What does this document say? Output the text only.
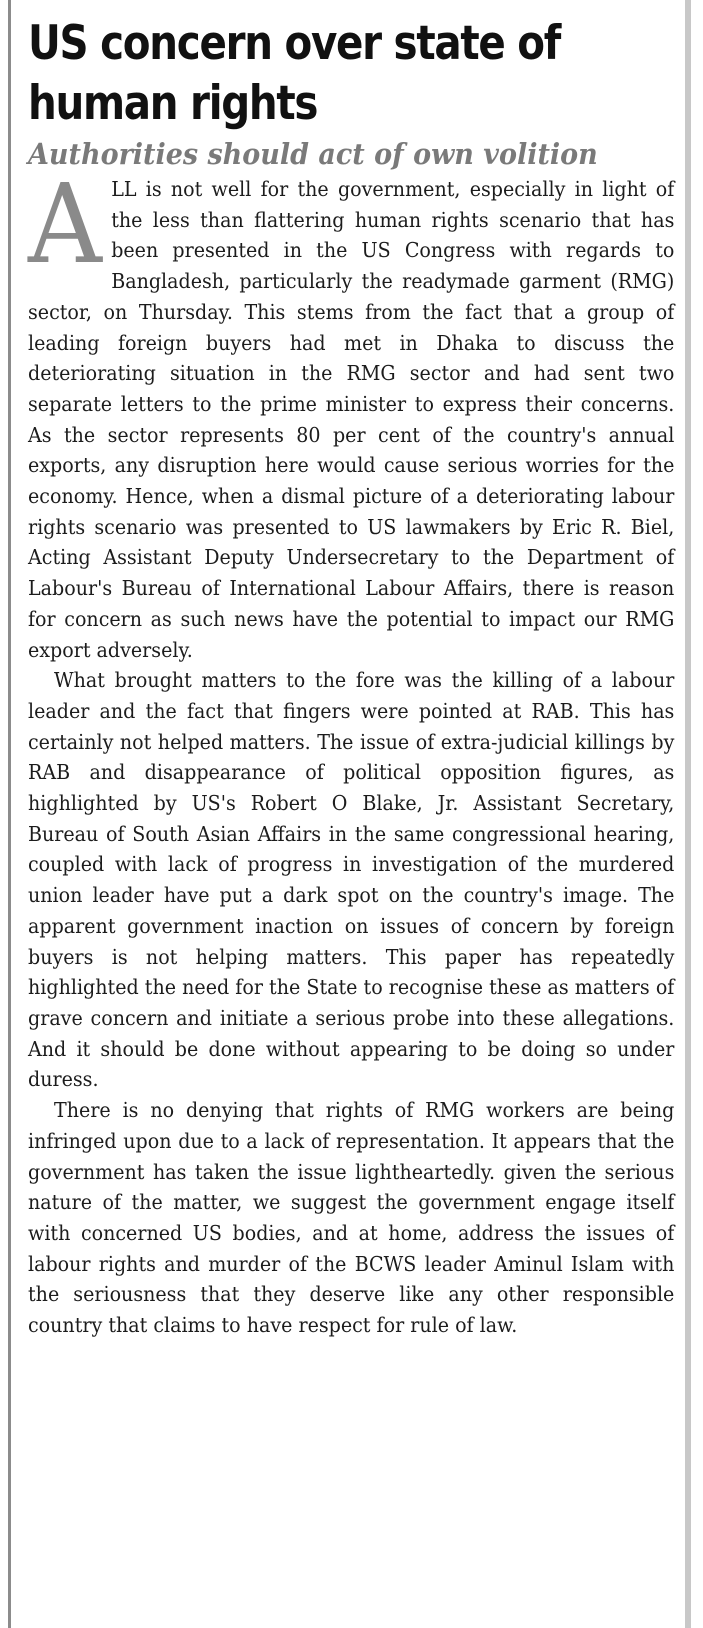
US concern over state of human rights
Authorities should act of own volition

ALL is not well for the government, especially in light of the less than flattering human rights scenario that has been presented in the US Congress with regards to Bangladesh, particularly the readymade garment (RMG) sector, on Thursday. This stems from the fact that a group of leading foreign buyers had met in Dhaka to discuss the deteriorating situation in the RMG sector and had sent two separate letters to the prime minister to express their concerns. As the sector represents 80 per cent of the country's annual exports, any disruption here would cause serious worries for the economy. Hence, when a dismal picture of a deteriorating labour rights scenario was presented to US lawmakers by Eric R. Biel, Acting Assistant Deputy Undersecretary to the Department of Labour's Bureau of International Labour Affairs, there is reason for concern as such news have the potential to impact our RMG export adversely.

What brought matters to the fore was the killing of a labour leader and the fact that fingers were pointed at RAB. This has certainly not helped matters. The issue of extra-judicial killings by RAB and disappearance of political opposition figures, as highlighted by US's Robert O Blake, Jr. Assistant Secretary, Bureau of South Asian Affairs in the same congressional hearing, coupled with lack of progress in investigation of the murdered union leader have put a dark spot on the country's image. The apparent government inaction on issues of concern by foreign buyers is not helping matters. This paper has repeatedly highlighted the need for the State to recognise these as matters of grave concern and initiate a serious probe into these allegations. And it should be done without appearing to be doing so under duress.

There is no denying that rights of RMG workers are being infringed upon due to a lack of representation. It appears that the government has taken the issue lightheartedly. given the serious nature of the matter, we suggest the government engage itself with concerned US bodies, and at home, address the issues of labour rights and murder of the BCWS leader Aminul Islam with the seriousness that they deserve like any other responsible country that claims to have respect for rule of law.
